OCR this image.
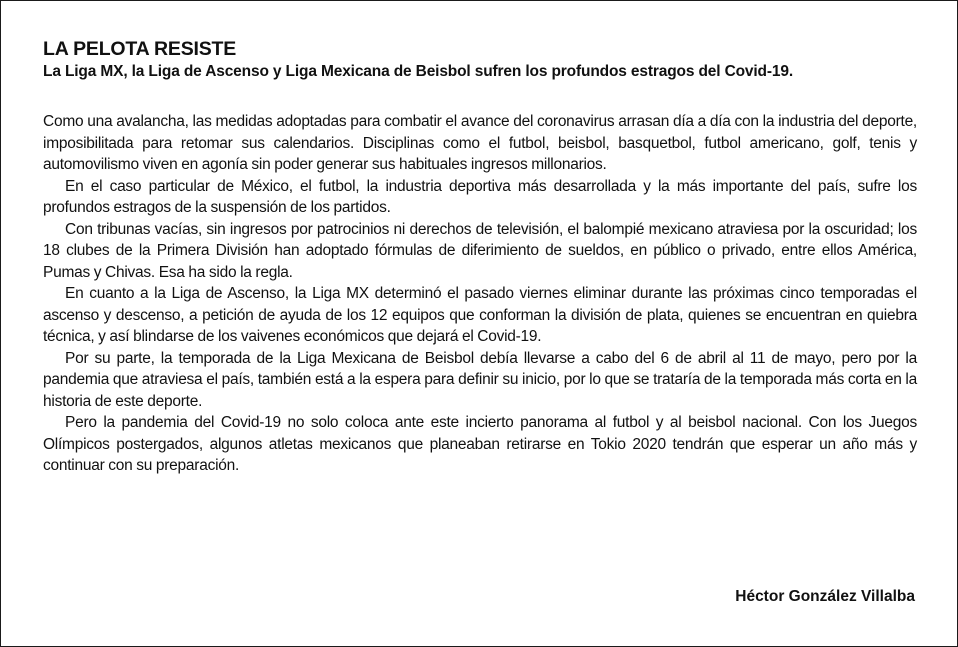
LA PELOTA RESISTE
La Liga MX, la Liga de Ascenso y Liga Mexicana de Beisbol sufren los profundos estragos del Covid-19.

Como una avalancha, las medidas adoptadas para combatir el avance del coronavirus arrasan día a día con la industria del deporte, imposibilitada para retomar sus calendarios. Disciplinas como el futbol, beisbol, basquetbol, futbol americano, golf, tenis y automovilismo viven en agonía sin poder generar sus habituales ingresos millonarios.

En el caso particular de México, el futbol, la industria deportiva más desarrollada y la más importante del país, sufre los profundos estragos de la suspensión de los partidos.

Con tribunas vacías, sin ingresos por patrocinios ni derechos de televisión, el balompié mexicano atraviesa por la oscuridad; los 18 clubes de la Primera División han adoptado fórmulas de diferimiento de sueldos, en público o privado, entre ellos América, Pumas y Chivas. Esa ha sido la regla.

En cuanto a la Liga de Ascenso, la Liga MX determinó el pasado viernes eliminar durante las próximas cinco temporadas el ascenso y descenso, a petición de ayuda de los 12 equipos que conforman la división de plata, quienes se encuentran en quiebra técnica, y así blindarse de los vaivenes económicos que dejará el Covid-19.

Por su parte, la temporada de la Liga Mexicana de Beisbol debía llevarse a cabo del 6 de abril al 11 de mayo, pero por la pandemia que atraviesa el país, también está a la espera para definir su inicio, por lo que se trataría de la temporada más corta en la historia de este deporte.

Pero la pandemia del Covid-19 no solo coloca ante este incierto panorama al futbol y al beisbol nacional. Con los Juegos Olímpicos postergados, algunos atletas mexicanos que planeaban retirarse en Tokio 2020 tendrán que esperar un año más y continuar con su preparación.

Héctor González Villalba
